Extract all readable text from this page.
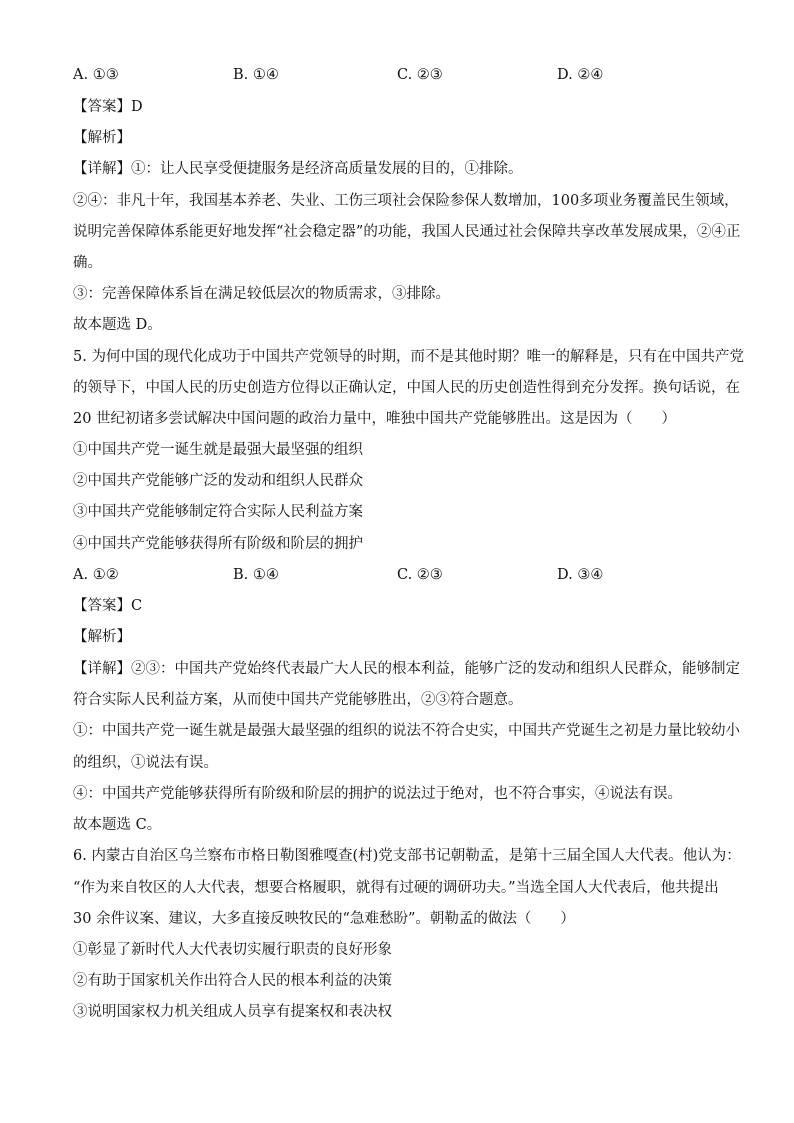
A. ①③	B. ①④	C. ②③	D. ②④
【答案】D
【解析】
【详解】①：让人民享受便捷服务是经济高质量发展的目的，①排除。
②④：非凡十年，我国基本养老、失业、工伤三项社会保险参保人数增加，100多项业务覆盖民生领域，
说明完善保障体系能更好地发挥“社会稳定器”的功能，我国人民通过社会保障共享改革发展成果，②④正
确。
③：完善保障体系旨在满足较低层次的物质需求，③排除。
故本题选 D。
5. 为何中国的现代化成功于中国共产党领导的时期，而不是其他时期？唯一的解释是，只有在中国共产党
的领导下，中国人民的历史创造方位得以正确认定，中国人民的历史创造性得到充分发挥。换句话说，在
20 世纪初诸多尝试解决中国问题的政治力量中，唯独中国共产党能够胜出。这是因为（　　）
①中国共产党一诞生就是最强大最坚强的组织
②中国共产党能够广泛的发动和组织人民群众
③中国共产党能够制定符合实际人民利益方案
④中国共产党能够获得所有阶级和阶层的拥护
A. ①②	B. ①④	C. ②③	D. ③④
【答案】C
【解析】
【详解】②③：中国共产党始终代表最广大人民的根本利益，能够广泛的发动和组织人民群众，能够制定
符合实际人民利益方案，从而使中国共产党能够胜出，②③符合题意。
①：中国共产党一诞生就是最强大最坚强的组织的说法不符合史实，中国共产党诞生之初是力量比较幼小
的组织，①说法有误。
④：中国共产党能够获得所有阶级和阶层的拥护的说法过于绝对，也不符合事实，④说法有误。
故本题选 C。
6. 内蒙古自治区乌兰察布市格日勒图雅嘎查(村)党支部书记朝勒孟，是第十三届全国人大代表。他认为：
“作为来自牧区的人大代表，想要合格履职，就得有过硬的调研功夫。”当选全国人大代表后，他共提出
30 余件议案、建议，大多直接反映牧民的“急难愁盼”。朝勒孟的做法（　　）
①彰显了新时代人大代表切实履行职责的良好形象
②有助于国家机关作出符合人民的根本利益的决策
③说明国家权力机关组成人员享有提案权和表决权
